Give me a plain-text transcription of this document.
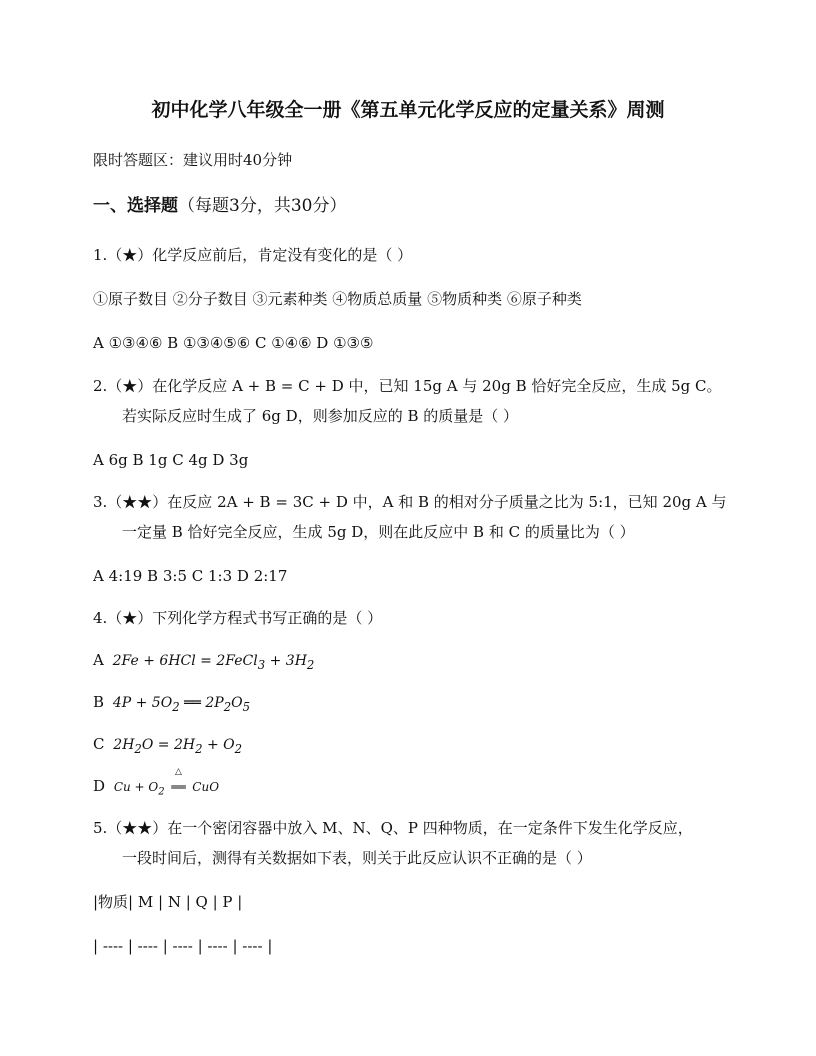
初中化学八年级全一册《第五单元化学反应的定量关系》周测
限时答题区：建议用时40分钟
一、选择题（每题3分，共30分）
1.（★）化学反应前后，肯定没有变化的是（ ）
①原子数目 ②分子数目 ③元素种类 ④物质总质量 ⑤物质种类 ⑥原子种类
A ①③④⑥ B ①③④⑤⑥ C ①④⑥ D ①③⑤
2.（★）在化学反应 A + B = C + D 中，已知 15g A 与 20g B 恰好完全反应，生成 5g C。
若实际反应时生成了 6g D，则参加反应的 B 的质量是（ ）
A 6g B 1g C 4g D 3g
3.（★★）在反应 2A + B = 3C + D 中，A 和 B 的相对分子质量之比为 5:1，已知 20g A 与
一定量 B 恰好完全反应，生成 5g D，则在此反应中 B 和 C 的质量比为（ ）
A 4:19 B 3:5 C 1:3 D 2:17
4.（★）下列化学方程式书写正确的是（ ）
A 2Fe + 6HCl = 2FeCl$_3$ + $3H_2$
B $4P + 5O_2$ ══ $2P_2O_5$
C $2H_2O = 2H_2 + O_2$
D $Cu + O_2$
△
══ CuO
5.（★★）在一个密闭容器中放入 M、N、Q、P 四种物质，在一定条件下发生化学反应，
一段时间后，测得有关数据如下表，则关于此反应认识不正确的是（ ）
|物质| M | N | Q | P |
| ---- | ---- | ---- | ---- | ---- |
